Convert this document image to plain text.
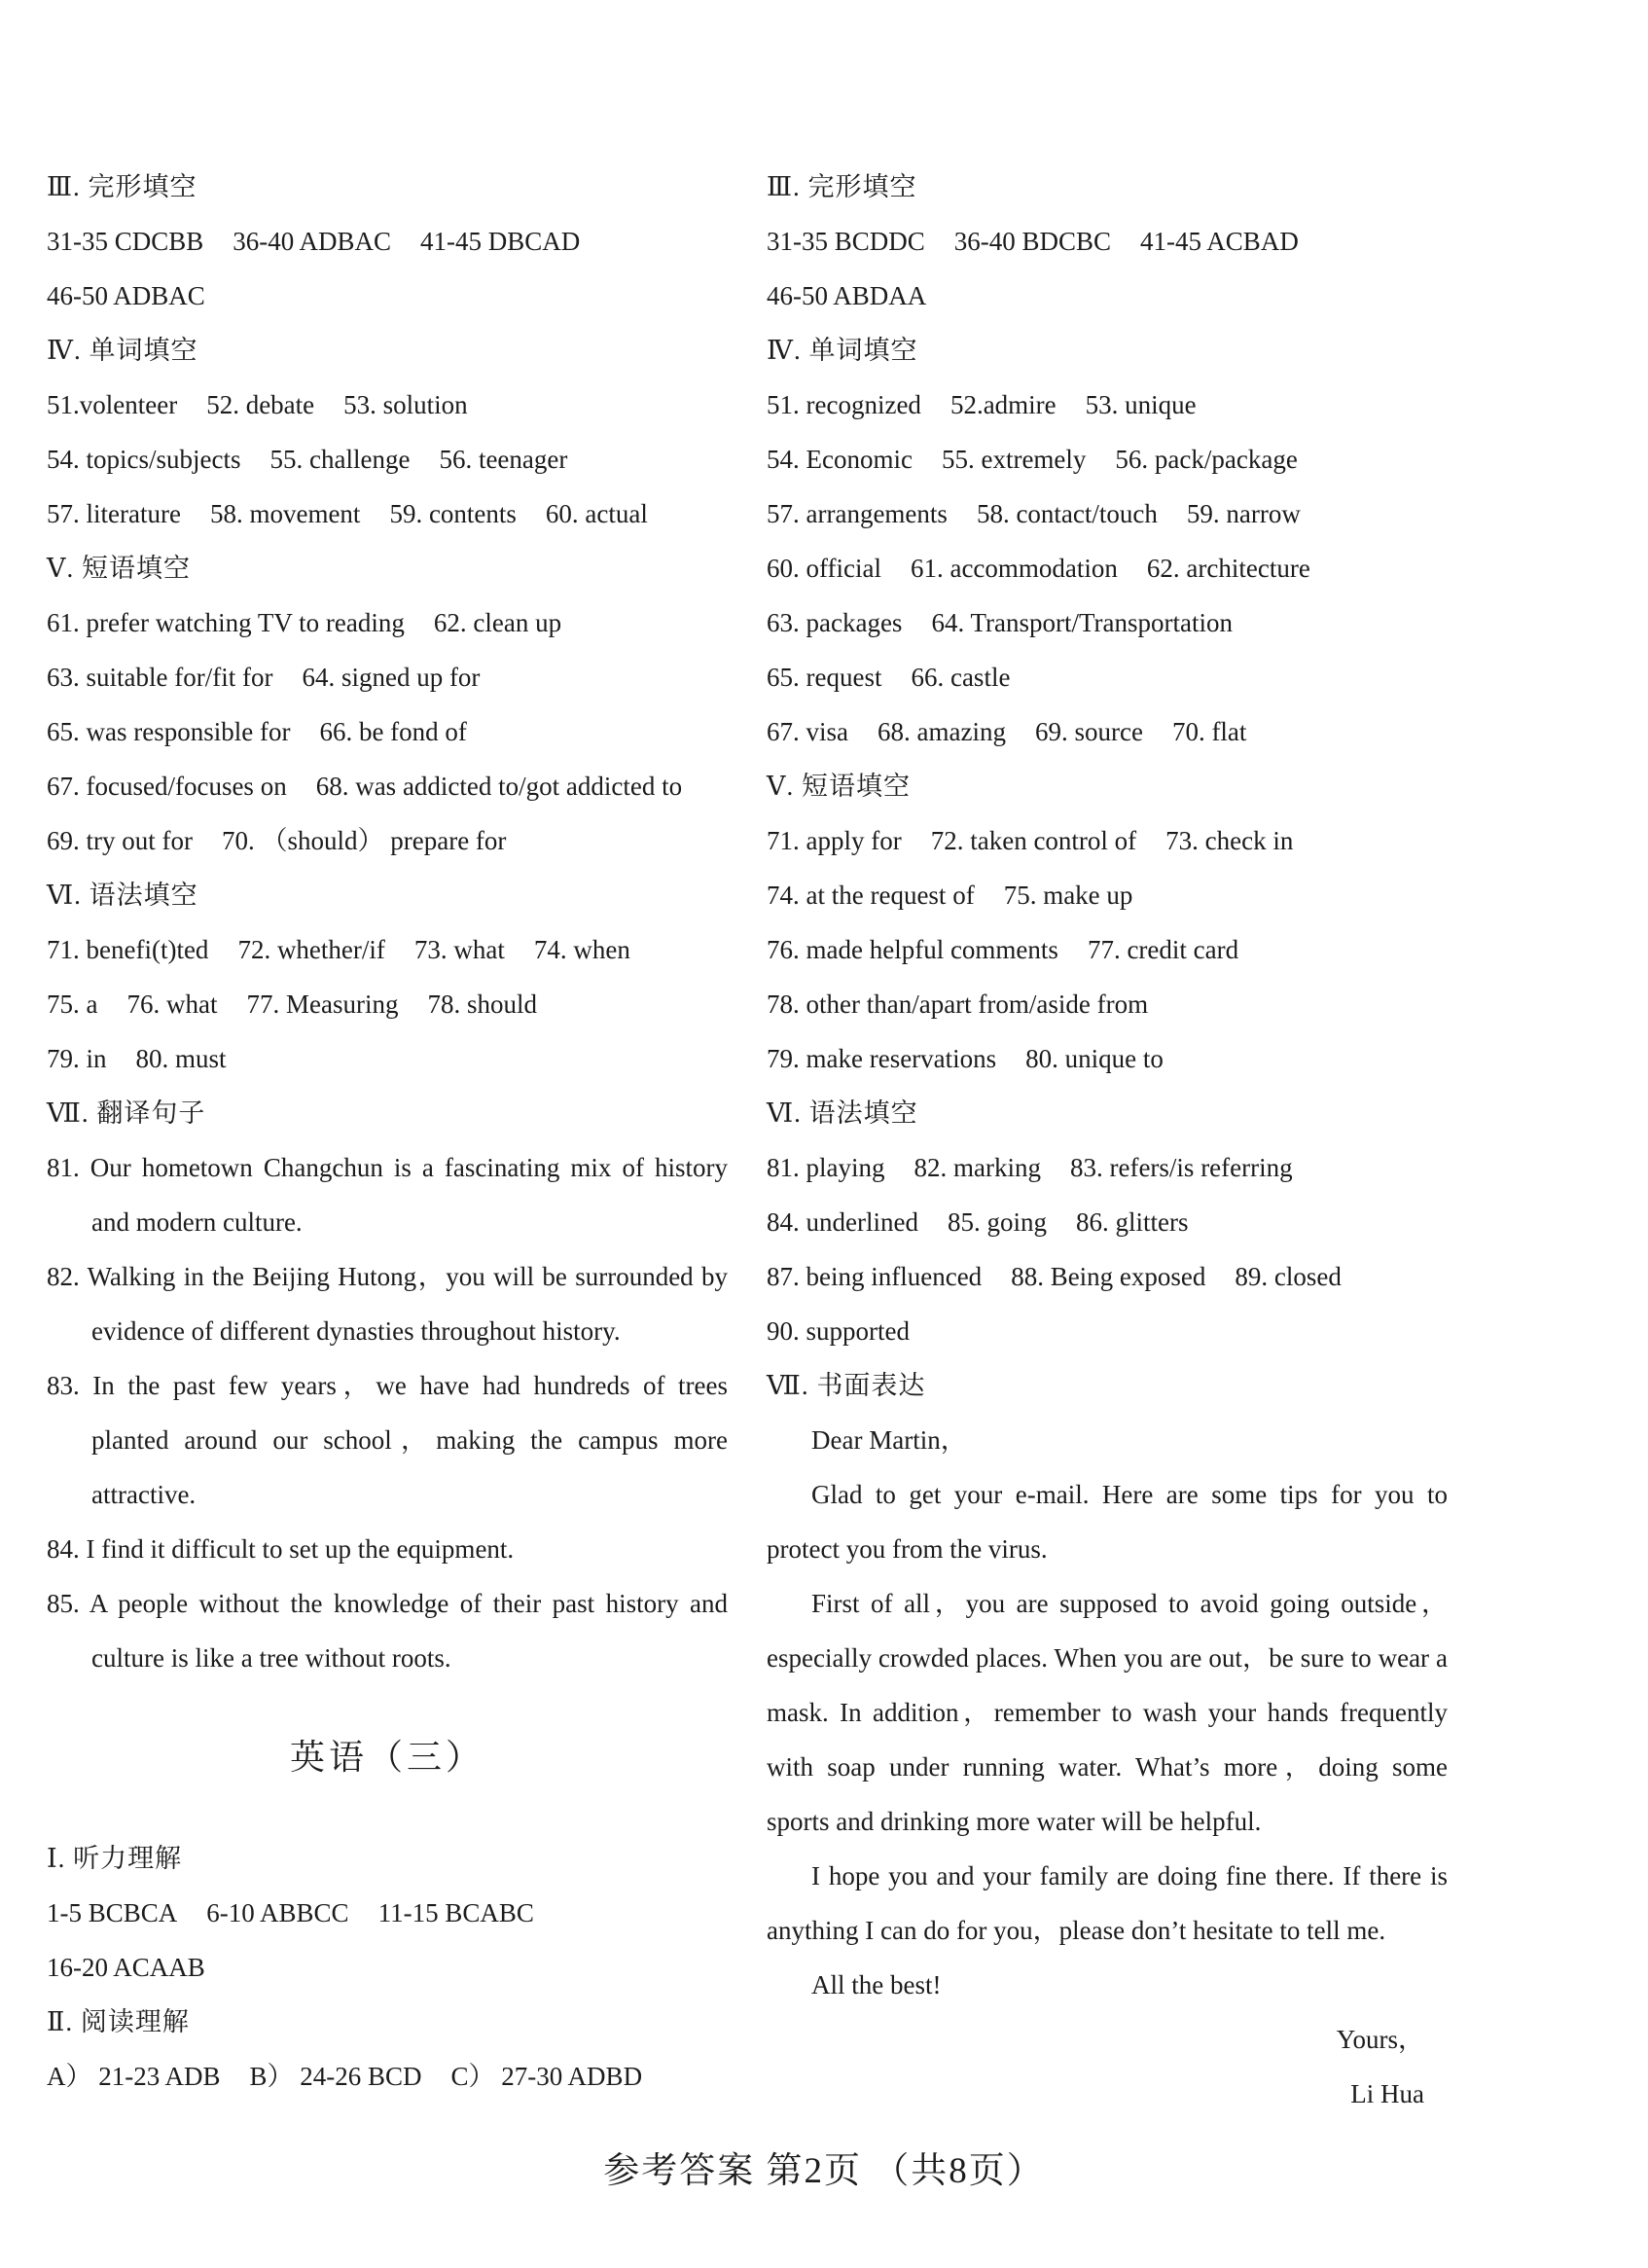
Ⅲ. 完形填空
31-35 CDCBB 36-40 ADBAC 41-45 DBCAD
46-50 ADBAC
Ⅳ. 单词填空
51.volenteer 52. debate 53. solution
54. topics/subjects 55. challenge 56. teenager
57. literature 58. movement 59. contents 60. actual
Ⅴ. 短语填空
61. prefer watching TV to reading 62. clean up
63. suitable for/fit for 64. signed up for
65. was responsible for 66. be fond of
67. focused/focuses on 68. was addicted to/got addicted to
69. try out for 70. （should） prepare for
Ⅵ. 语法填空
71. benefi(t)ted 72. whether/if 73. what 74. when
75. a 76. what 77. Measuring 78. should
79. in 80. must
Ⅶ. 翻译句子
81. Our hometown Changchun is a fascinating mix of history and modern culture.
82. Walking in the Beijing Hutong，you will be surrounded by evidence of different dynasties throughout history.
83. In the past few years，we have had hundreds of trees planted around our school，making the campus more attractive.
84. I find it difficult to set up the equipment.
85. A people without the knowledge of their past history and culture is like a tree without roots.
英语（三）
Ⅰ. 听力理解
1-5 BCBCA 6-10 ABBCC 11-15 BCABC
16-20 ACAAB
Ⅱ. 阅读理解
A） 21-23 ADB B） 24-26 BCD C） 27-30 ADBD
Ⅲ. 完形填空
31-35 BCDDC 36-40 BDCBC 41-45 ACBAD
46-50 ABDAA
Ⅳ. 单词填空
51. recognized 52.admire 53. unique
54. Economic 55. extremely 56. pack/package
57. arrangements 58. contact/touch 59. narrow
60. official 61. accommodation 62. architecture
63. packages 64. Transport/Transportation
65. request 66. castle
67. visa 68. amazing 69. source 70. flat
Ⅴ. 短语填空
71. apply for 72. taken control of 73. check in
74. at the request of 75. make up
76. made helpful comments 77. credit card
78. other than/apart from/aside from
79. make reservations 80. unique to
Ⅵ. 语法填空
81. playing 82. marking 83. refers/is referring
84. underlined 85. going 86. glitters
87. being influenced 88. Being exposed 89. closed
90. supported
Ⅶ. 书面表达
Dear Martin，

Glad to get your e-mail. Here are some tips for you to protect you from the virus.

First of all，you are supposed to avoid going outside，especially crowded places. When you are out，be sure to wear a mask. In addition，remember to wash your hands frequently with soap under running water. What’s more，doing some sports and drinking more water will be helpful.

I hope you and your family are doing fine there. If there is anything I can do for you，please don’t hesitate to tell me.

All the best!
Yours，
Li Hua
参考答案 第2页 （共8页）
